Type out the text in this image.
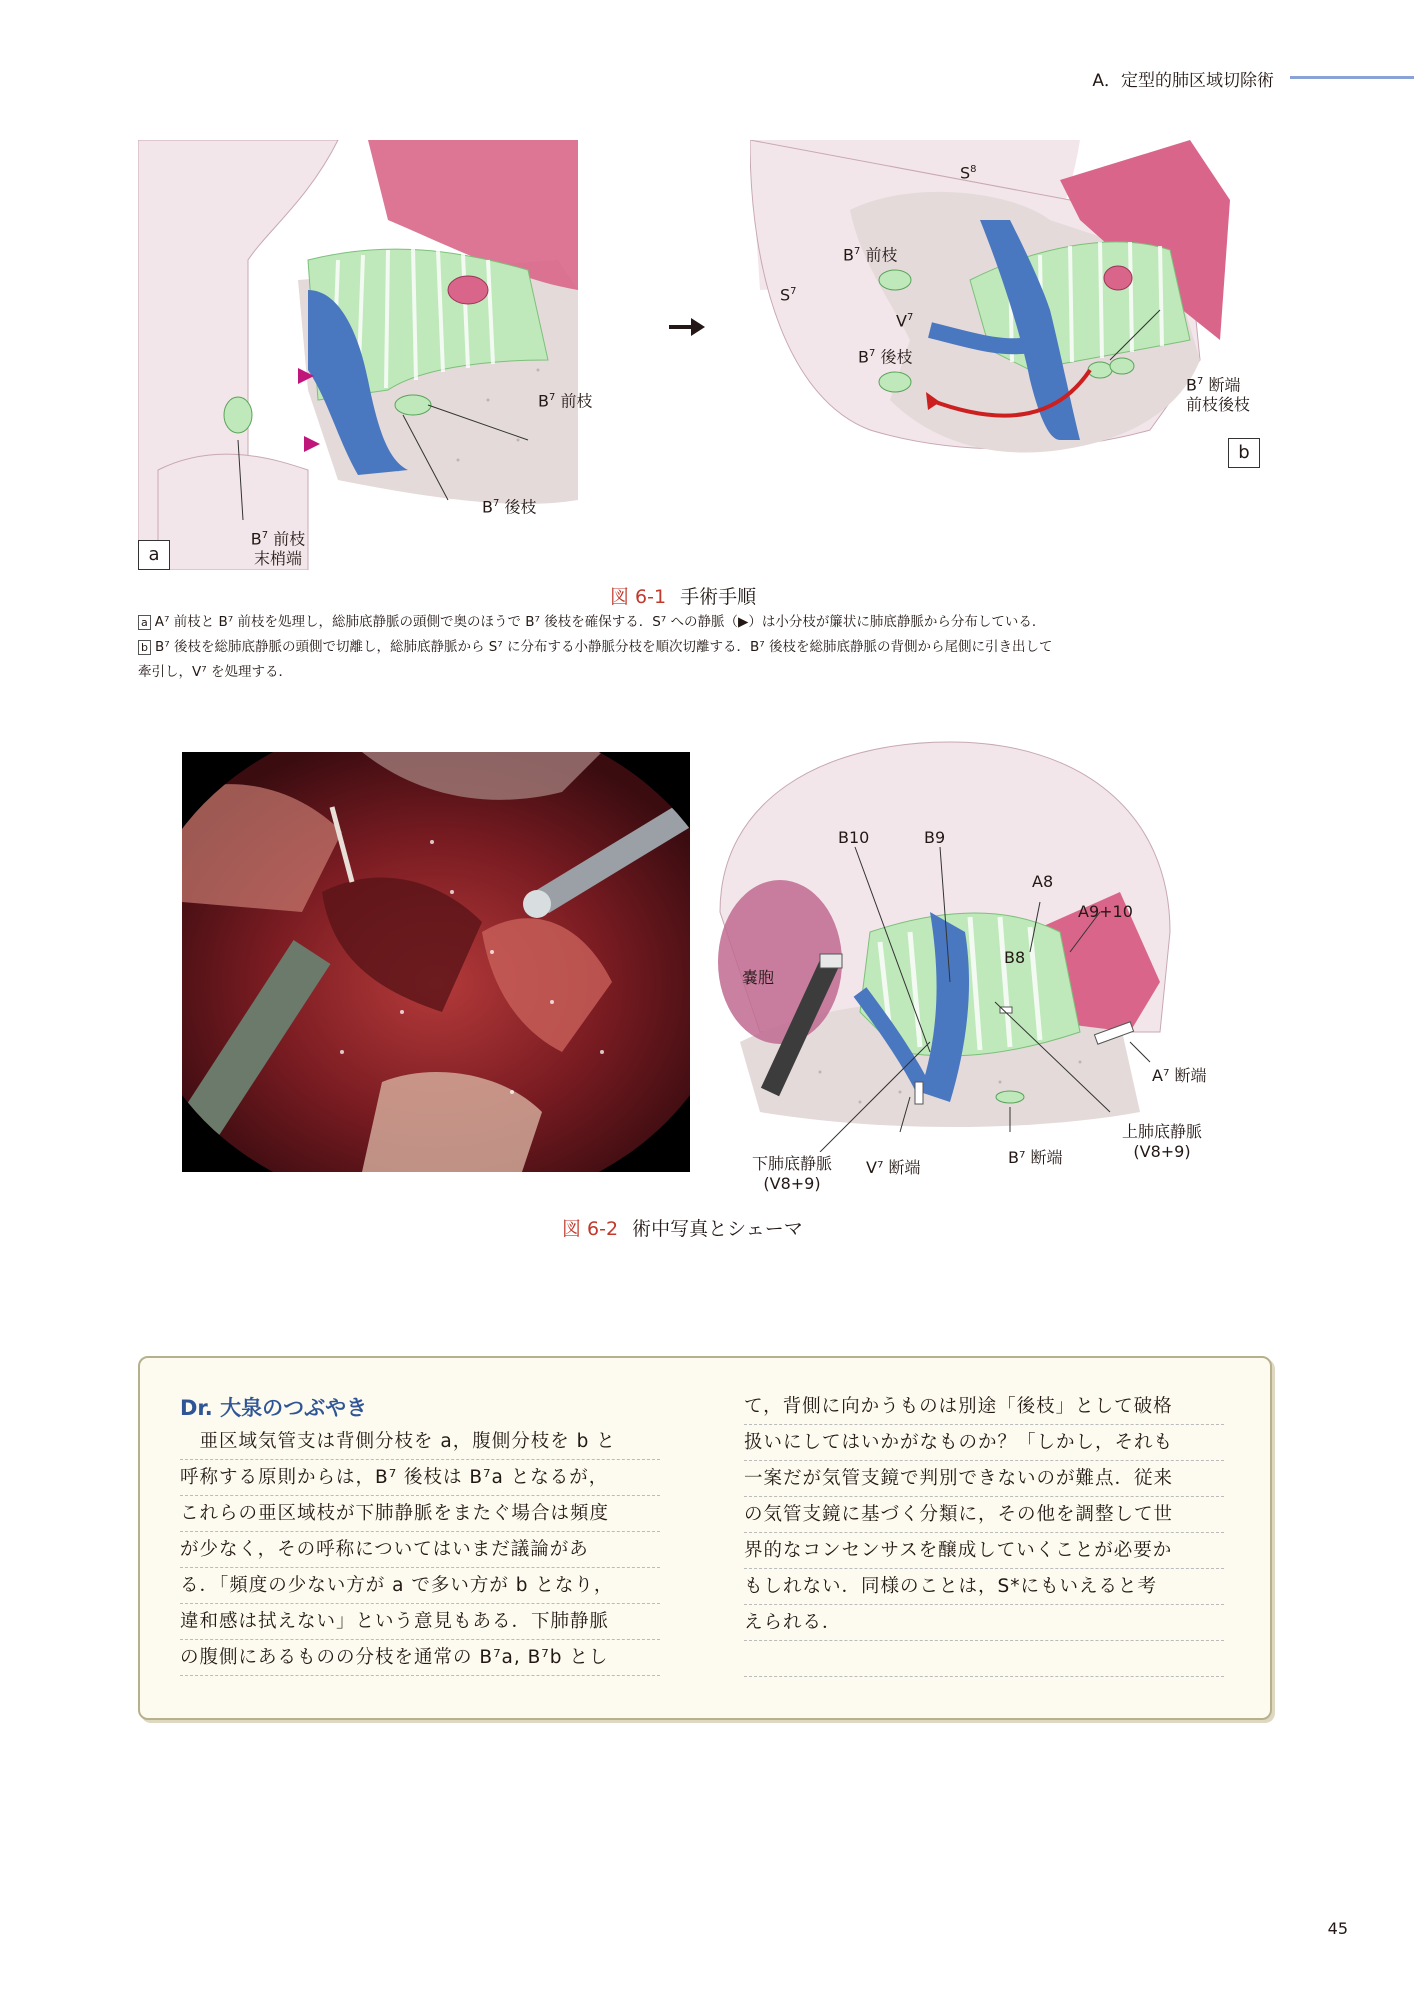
A．定型的肺区域切除術
a
$B^7$ 前枝
$B^7$ 後枝
$B^7$ 前枝
末梢端
b
$S^8$
$S^7$
$B^7$ 前枝
$V^7$
$B^7$ 後枝
$B^7$ 断端
前枝後枝
図 6-1 手術手順
a A⁷ 前枝と B⁷ 前枝を処理し，総肺底静脈の頭側で奥のほうで B⁷ 後枝を確保する．S⁷ への静脈（▶）は小分枝が簾状に肺底静脈から分布している．
b B⁷ 後枝を総肺底静脈の頭側で切離し，総肺底静脈から S⁷ に分布する小静脈分枝を順次切離する．B⁷ 後枝を総肺底静脈の背側から尾側に引き出して
牽引し，V⁷ を処理する．
B10	B9
A8
A9+10
B8
嚢胞
A⁷ 断端
上肺底静脈
(V8+9)
B⁷ 断端
V⁷ 断端
下肺底静脈
(V8+9)
図 6-2 術中写真とシェーマ
Dr. 大泉のつぶやき
　亜区域気管支は背側分枝を a，腹側分枝を b と
呼称する原則からは，B⁷ 後枝は B⁷a となるが，
これらの亜区域枝が下肺静脈をまたぐ場合は頻度
が少なく，その呼称についてはいまだ議論があ
る．「頻度の少ない方が a で多い方が b となり，
違和感は拭えない」という意見もある．下肺静脈
の腹側にあるものの分枝を通常の B⁷a, B⁷b とし
て，背側に向かうものは別途「後枝」として破格
扱いにしてはいかがなものか？「しかし，それも
一案だが気管支鏡で判別できないのが難点．従来
の気管支鏡に基づく分類に，その他を調整して世
界的なコンセンサスを醸成していくことが必要か
もしれない．同様のことは，S*にもいえると考
えられる．
45
